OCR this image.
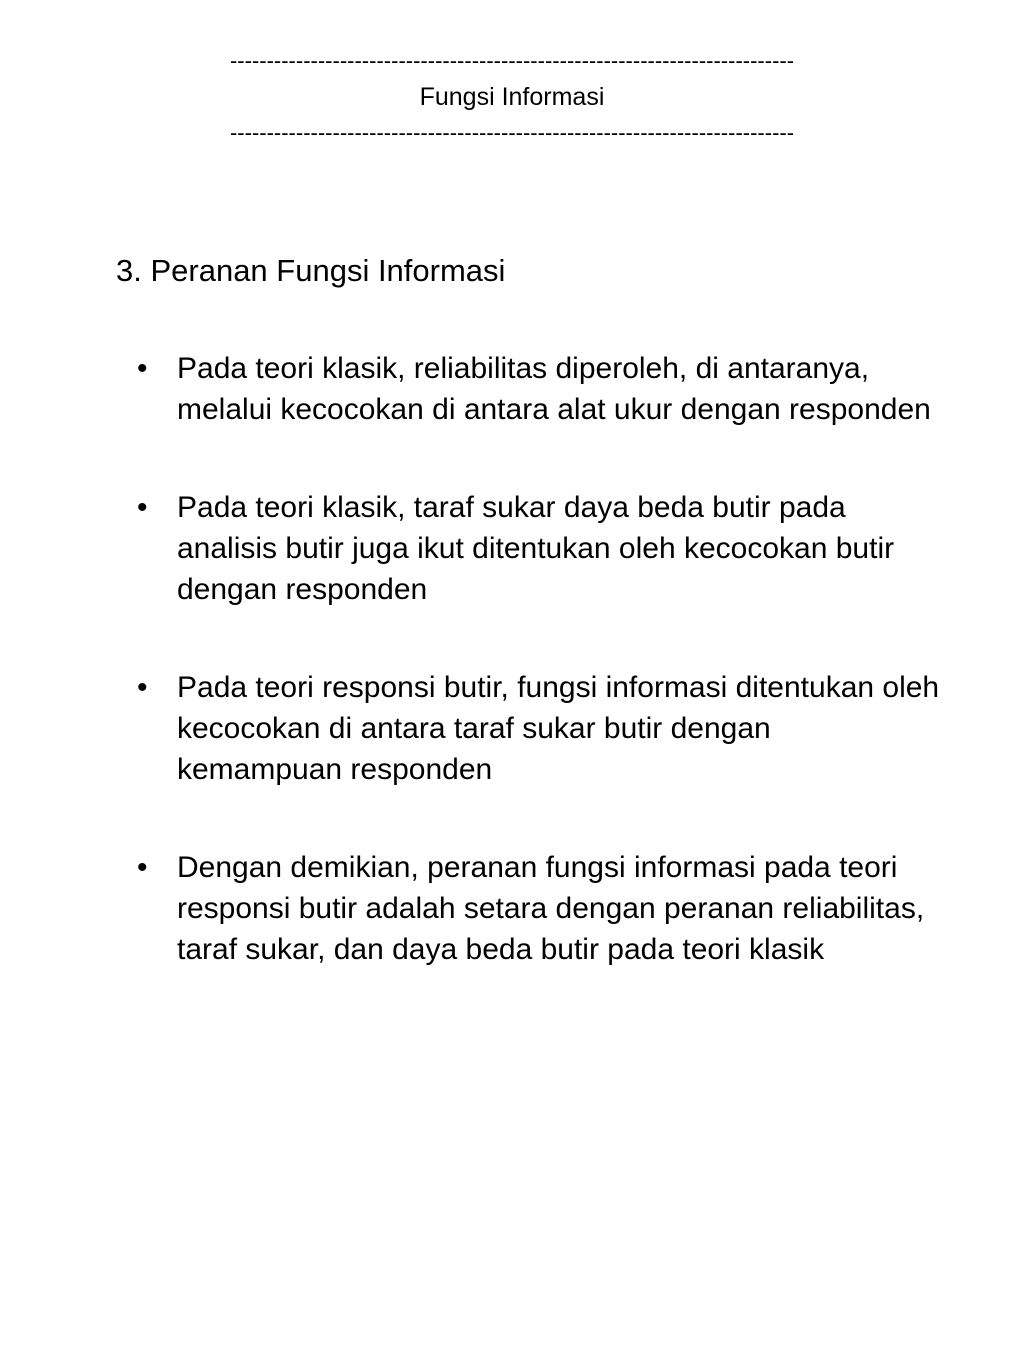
-----------------------------------------------------------------------------
Fungsi Informasi
-----------------------------------------------------------------------------
3. Peranan Fungsi Informasi
• Pada teori klasik, reliabilitas diperoleh, di antaranya, melalui kecocokan di antara alat ukur dengan responden
• Pada teori klasik, taraf sukar daya beda butir pada analisis butir juga ikut ditentukan oleh kecocokan butir dengan responden
• Pada teori responsi butir, fungsi informasi ditentukan oleh kecocokan di antara taraf sukar butir dengan kemampuan responden
• Dengan demikian, peranan fungsi informasi pada teori responsi butir adalah setara dengan peranan reliabilitas, taraf sukar, dan daya beda butir pada teori klasik
